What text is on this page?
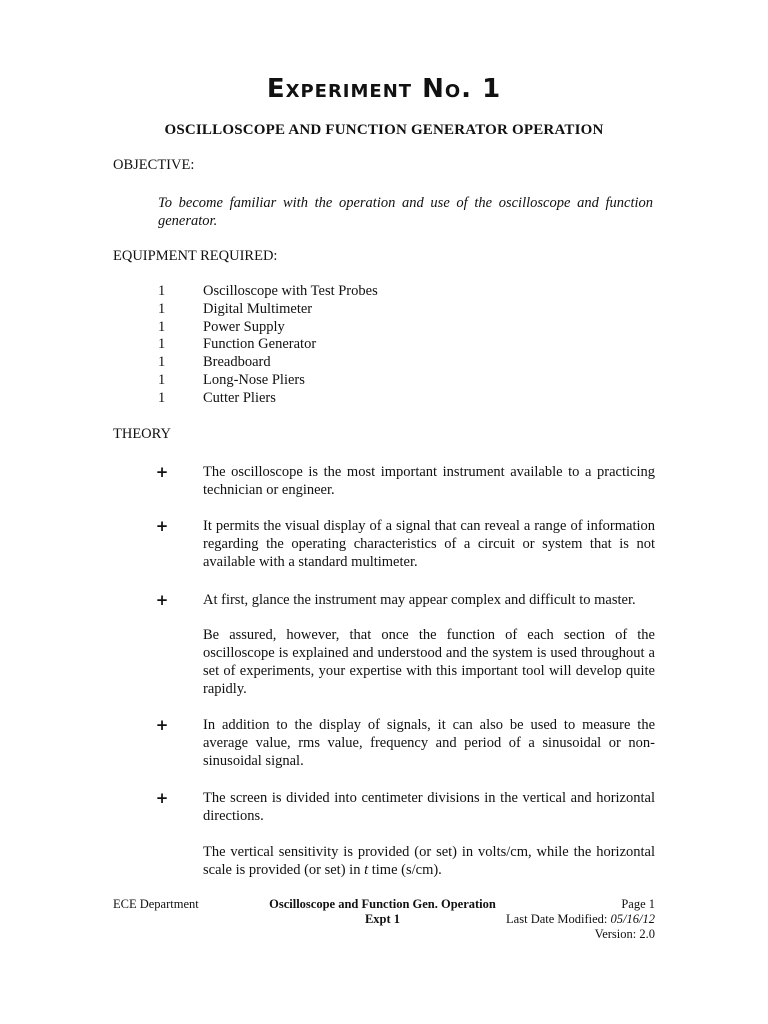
Experiment No. 1
OSCILLOSCOPE AND FUNCTION GENERATOR OPERATION
OBJECTIVE:
To become familiar with the operation and use of the oscilloscope and function generator.
EQUIPMENT REQUIRED:
1	Oscilloscope with Test Probes
1	Digital Multimeter
1	Power Supply
1	Function Generator
1	Breadboard
1	Long-Nose Pliers
1	Cutter Pliers
THEORY
+ The oscilloscope is the most important instrument available to a practicing technician or engineer.
+ It permits the visual display of a signal that can reveal a range of information regarding the operating characteristics of a circuit or system that is not available with a standard multimeter.
+ At first, glance the instrument may appear complex and difficult to master.
Be assured, however, that once the function of each section of the oscilloscope is explained and understood and the system is used throughout a set of experiments, your expertise with this important tool will develop quite rapidly.
+ In addition to the display of signals, it can also be used to measure the average value, rms value, frequency and period of a sinusoidal or non-sinusoidal signal.
+ The screen is divided into centimeter divisions in the vertical and horizontal directions.
The vertical sensitivity is provided (or set) in volts/cm, while the horizontal scale is provided (or set) in t time (s/cm).
ECE Department	Oscilloscope and Function Gen. Operation
Expt 1
Page 1
Last Date Modified: 05/16/12
Version: 2.0
